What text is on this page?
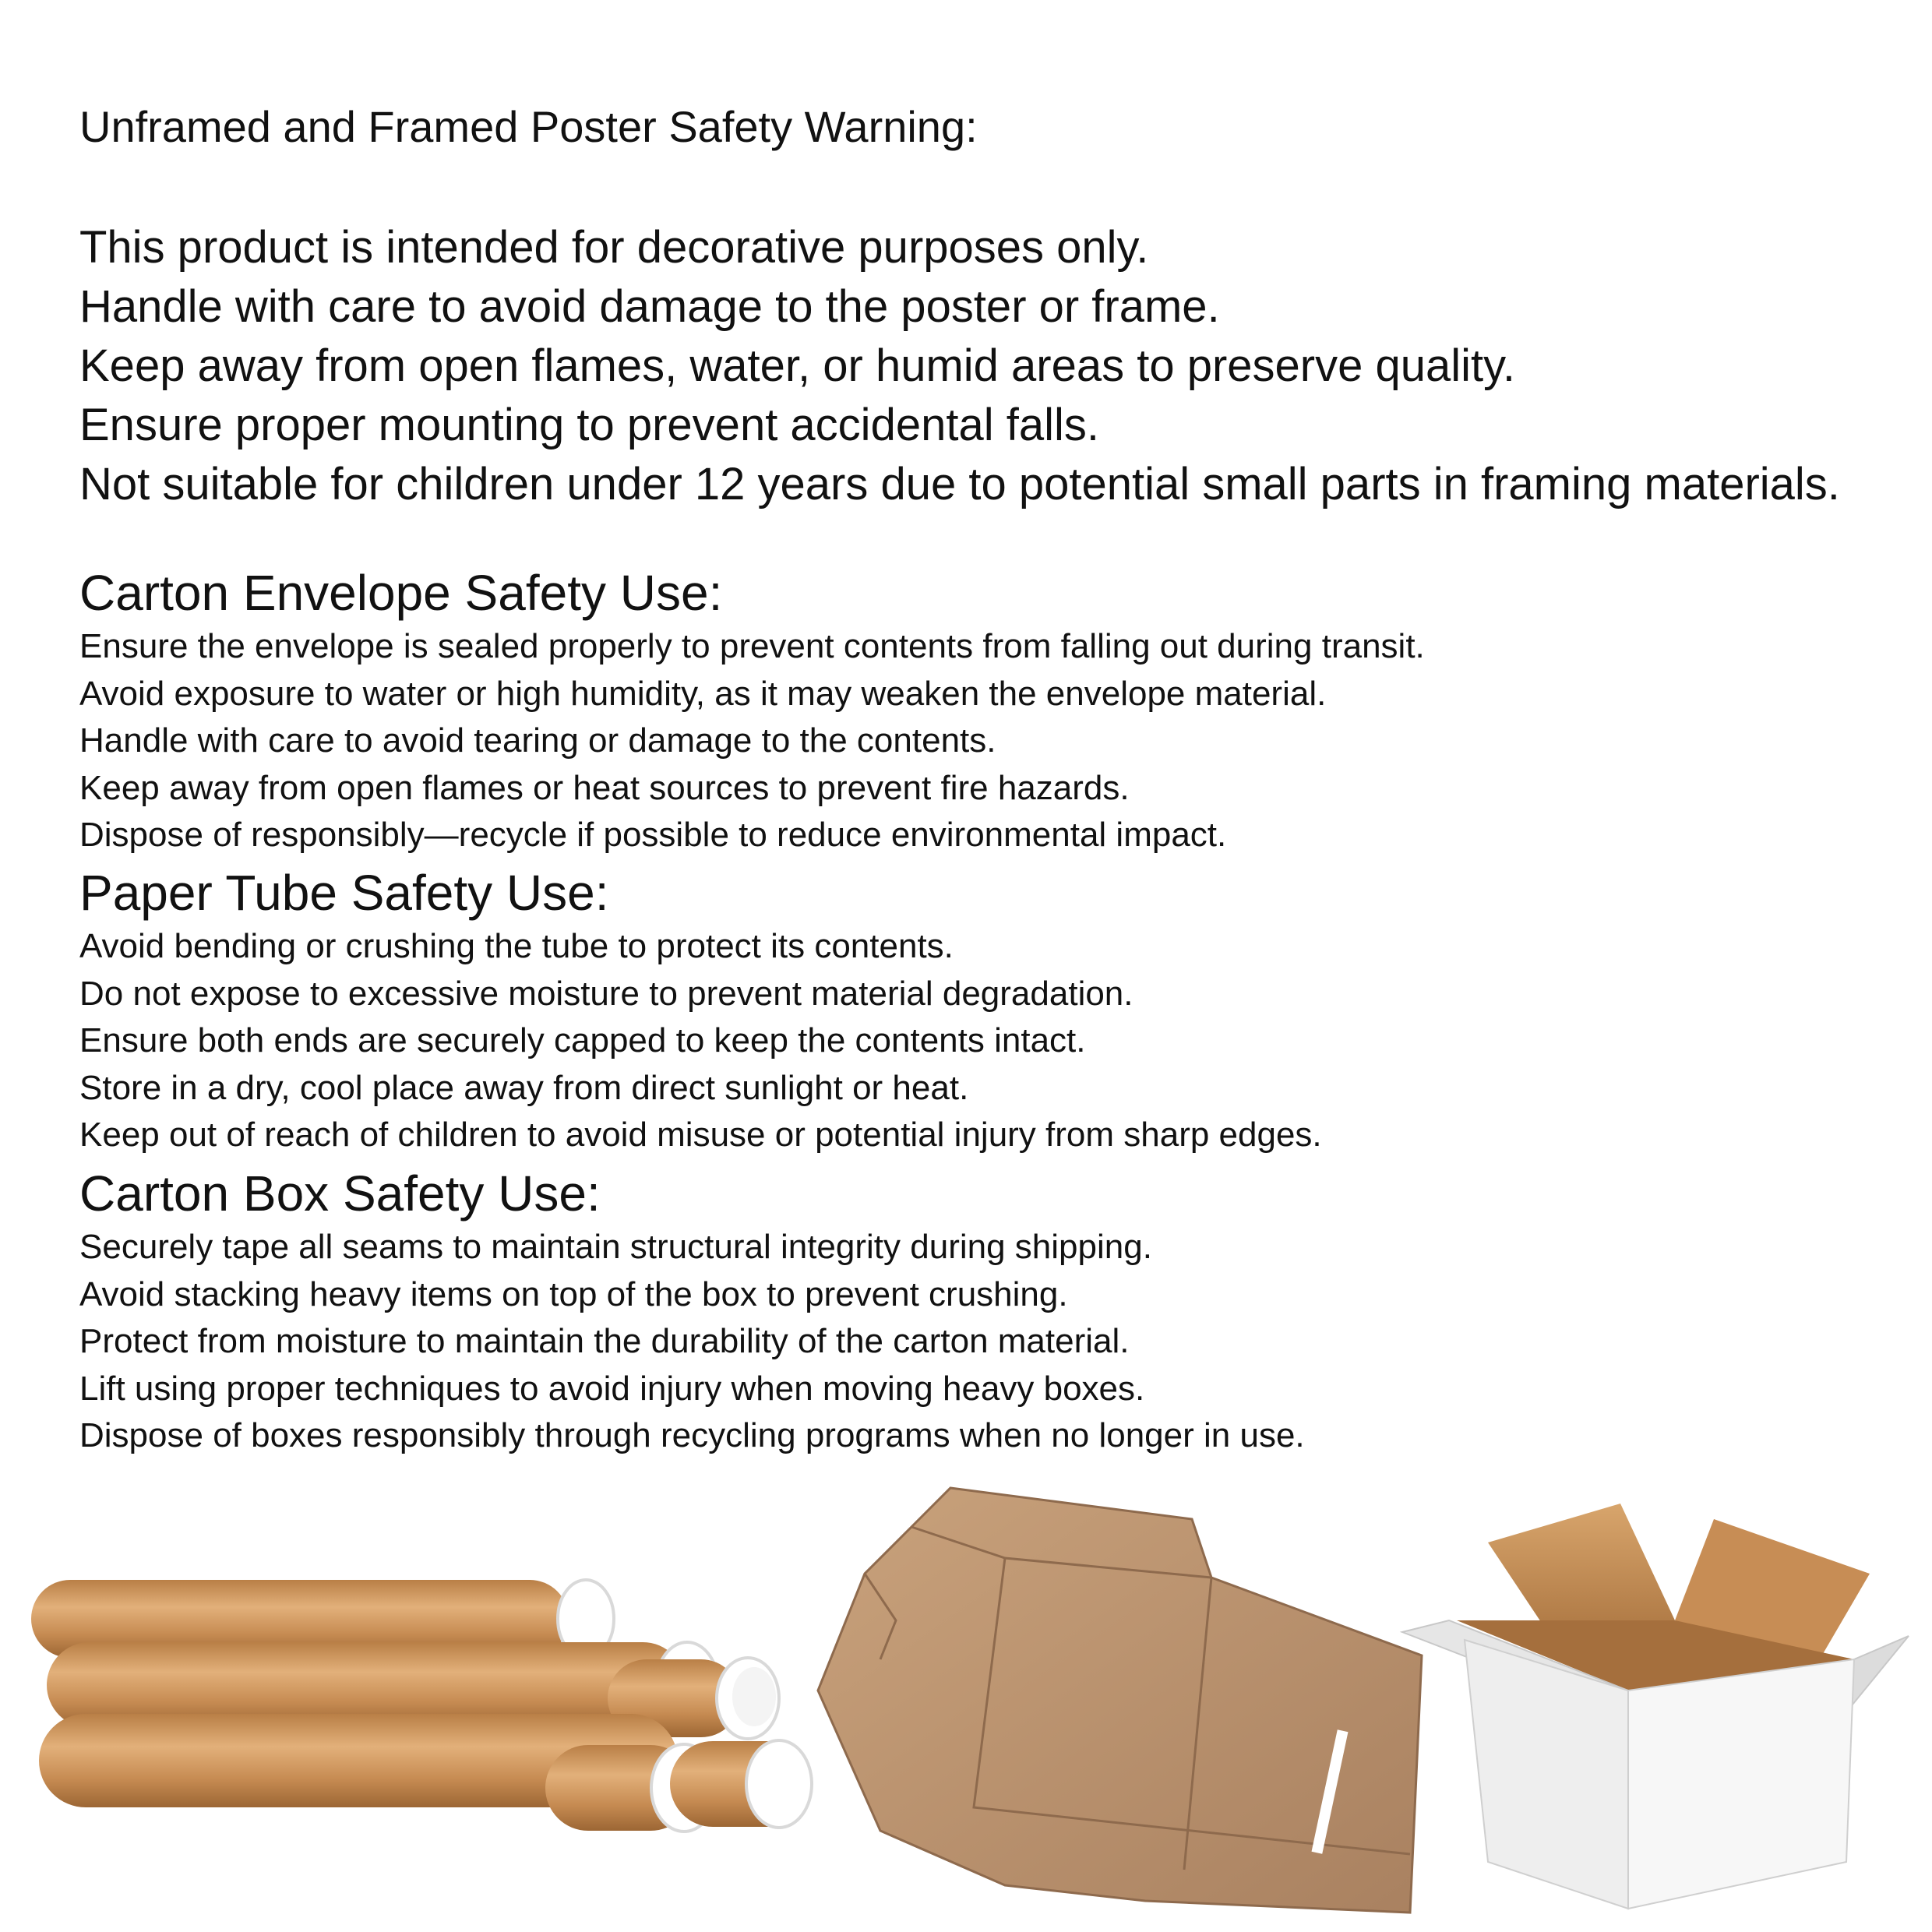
Unframed and Framed Poster Safety Warning:
This product is intended for decorative purposes only.
Handle with care to avoid damage to the poster or frame.
Keep away from open flames, water, or humid areas to preserve quality.
Ensure proper mounting to prevent accidental falls.
Not suitable for children under 12 years due to potential small parts in framing materials.
Carton Envelope Safety Use:
Ensure the envelope is sealed properly to prevent contents from falling out during transit.
Avoid exposure to water or high humidity, as it may weaken the envelope material.
Handle with care to avoid tearing or damage to the contents.
Keep away from open flames or heat sources to prevent fire hazards.
Dispose of responsibly—recycle if possible to reduce environmental impact.
Paper Tube Safety Use:
Avoid bending or crushing the tube to protect its contents.
Do not expose to excessive moisture to prevent material degradation.
Ensure both ends are securely capped to keep the contents intact.
Store in a dry, cool place away from direct sunlight or heat.
Keep out of reach of children to avoid misuse or potential injury from sharp edges.
Carton Box Safety Use:
Securely tape all seams to maintain structural integrity during shipping.
Avoid stacking heavy items on top of the box to prevent crushing.
Protect from moisture to maintain the durability of the carton material.
Lift using proper techniques to avoid injury when moving heavy boxes.
Dispose of boxes responsibly through recycling programs when no longer in use.
